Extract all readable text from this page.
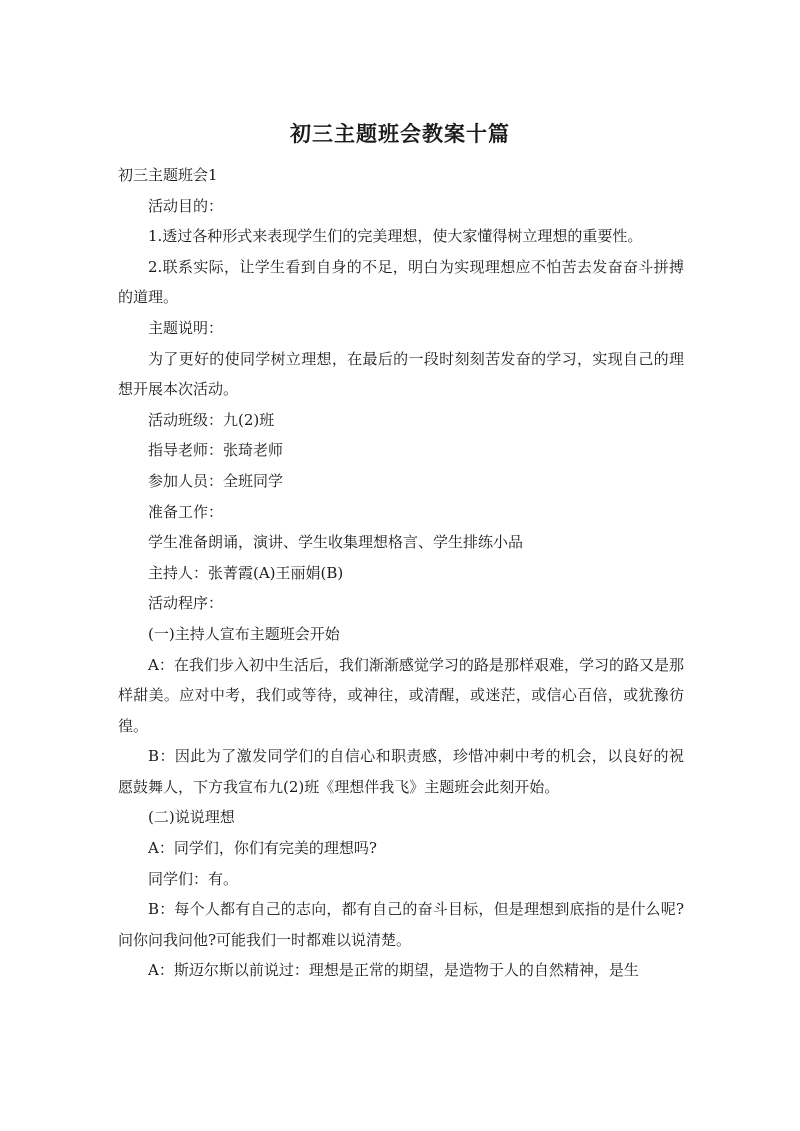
初三主题班会教案十篇

初三主题班会1

活动目的：

1.透过各种形式来表现学生们的完美理想，使大家懂得树立理想的重要性。

2.联系实际，让学生看到自身的不足，明白为实现理想应不怕苦去发奋奋斗拼搏的道理。

主题说明：

为了更好的使同学树立理想，在最后的一段时刻刻苦发奋的学习，实现自己的理想开展本次活动。

活动班级：九(2)班

指导老师：张琦老师

参加人员：全班同学

准备工作：

学生准备朗诵，演讲、学生收集理想格言、学生排练小品

主持人：张菁霞(A)王丽娟(B)

活动程序：

(一)主持人宣布主题班会开始

A：在我们步入初中生活后，我们渐渐感觉学习的路是那样艰难，学习的路又是那样甜美。应对中考，我们或等待，或神往，或清醒，或迷茫，或信心百倍，或犹豫彷徨。

B：因此为了激发同学们的自信心和职责感，珍惜冲刺中考的机会，以良好的祝愿鼓舞人，下方我宣布九(2)班《理想伴我飞》主题班会此刻开始。

(二)说说理想

A：同学们，你们有完美的理想吗?

同学们：有。

B：每个人都有自己的志向，都有自己的奋斗目标，但是理想到底指的是什么呢?问你问我问他?可能我们一时都难以说清楚。

A：斯迈尔斯以前说过：理想是正常的期望，是造物于人的自然精神，是生
